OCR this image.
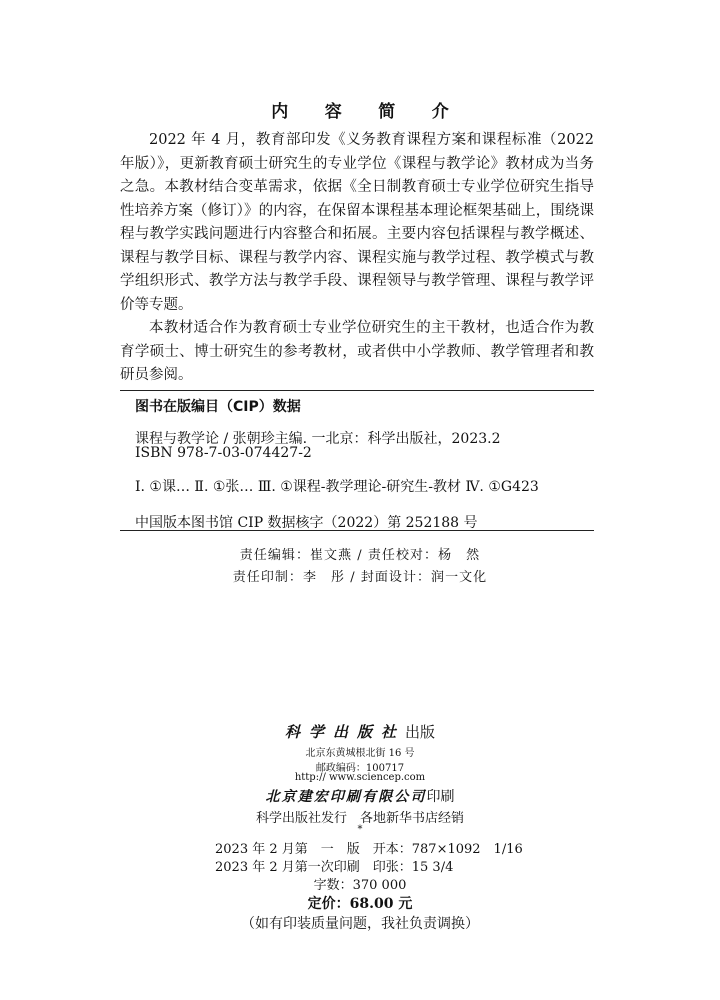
内 容 简 介

2022 年 4 月，教育部印发《义务教育课程方案和课程标准（2022 年版）》，更新教育硕士研究生的专业学位《课程与教学论》教材成为当务之急。本教材结合变革需求，依据《全日制教育硕士专业学位研究生指导性培养方案（修订）》的内容，在保留本课程基本理论框架基础上，围绕课程与教学实践问题进行内容整合和拓展。主要内容包括课程与教学概述、课程与教学目标、课程与教学内容、课程实施与教学过程、教学模式与教学组织形式、教学方法与教学手段、课程领导与教学管理、课程与教学评价等专题。

本教材适合作为教育硕士专业学位研究生的主干教材，也适合作为教育学硕士、博士研究生的参考教材，或者供中小学教师、教学管理者和教研员参阅。

图书在版编目（CIP）数据
课程与教学论 / 张朝珍主编. 一北京：科学出版社，2023.2
ISBN 978-7-03-074427-2
Ⅰ. ①课… Ⅱ. ①张… Ⅲ. ①课程-教学理论-研究生-教材 Ⅳ. ①G423
中国版本图书馆 CIP 数据核字（2022）第 252188 号
责任编辑：崔文燕 / 责任校对：杨　然
责任印制：李　彤 / 封面设计：润一文化
科学出版社出版
北京东黄城根北街 16 号
邮政编码：100717
http:// www.sciencep.com
北京建宏印刷有限公司印刷
科学出版社发行　各地新华书店经销
*
2023 年 2 月第　一　版　开本：787×1092　1/16
2023 年 2 月第一次印刷　印张：15 3/4
字数：370 000
定价：68.00 元
（如有印装质量问题，我社负责调换）
